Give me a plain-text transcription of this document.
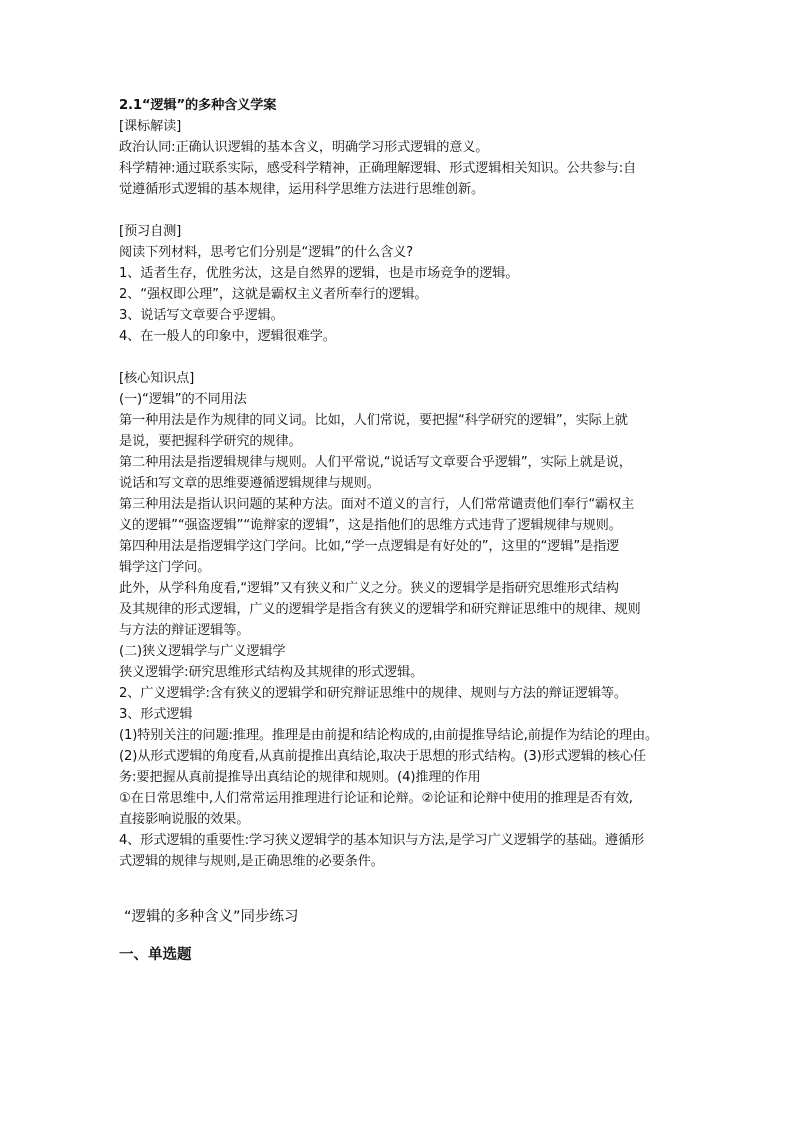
2.1“逻辑”的多种含义学案
[课标解读]
政治认同:正确认识逻辑的基本含义，明确学习形式逻辑的意义。
科学精神:通过联系实际，感受科学精神，正确理解逻辑、形式逻辑相关知识。公共参与:自
觉遵循形式逻辑的基本规律，运用科学思维方法进行思维创新。
[预习自测]
阅读下列材料，思考它们分别是“逻辑”的什么含义?
1、适者生存，优胜劣汰，这是自然界的逻辑，也是市场竞争的逻辑。
2、“强权即公理”，这就是霸权主义者所奉行的逻辑。
3、说话写文章要合乎逻辑。
4、在一般人的印象中，逻辑很难学。
[核心知识点]
(一)“逻辑”的不同用法
第一种用法是作为规律的同义词。比如，人们常说，要把握“科学研究的逻辑”，实际上就
是说，要把握科学研究的规律。
第二种用法是指逻辑规律与规则。人们平常说,“说话写文章要合乎逻辑”，实际上就是说，
说话和写文章的思维要遵循逻辑规律与规则。
第三种用法是指认识问题的某种方法。面对不道义的言行，人们常常谴责他们奉行“霸权主
义的逻辑”“强盗逻辑”“诡辩家的逻辑”，这是指他们的思维方式违背了逻辑规律与规则。
第四种用法是指逻辑学这门学问。比如,“学一点逻辑是有好处的”，这里的“逻辑”是指逻
辑学这门学问。
此外，从学科角度看,“逻辑”又有狭义和广义之分。狭义的逻辑学是指研究思维形式结构
及其规律的形式逻辑，广义的逻辑学是指含有狭义的逻辑学和研究辩证思维中的规律、规则
与方法的辩证逻辑等。
(二)狭义逻辑学与广义逻辑学
狭义逻辑学:研究思维形式结构及其规律的形式逻辑。
2、广义逻辑学:含有狭义的逻辑学和研究辩证思维中的规律、规则与方法的辩证逻辑等。
3、形式逻辑
(1)特别关注的问题:推理。推理是由前提和结论构成的,由前提推导结论,前提作为结论的理由。
(2)从形式逻辑的角度看,从真前提推出真结论,取决于思想的形式结构。(3)形式逻辑的核心任
务:要把握从真前提推导出真结论的规律和规则。(4)推理的作用
①在日常思维中,人们常常运用推理进行论证和论辩。②论证和论辩中使用的推理是否有效,
直接影响说服的效果。
4、形式逻辑的重要性:学习狭义逻辑学的基本知识与方法,是学习广义逻辑学的基础。遵循形
式逻辑的规律与规则,是正确思维的必要条件。
“逻辑的多种含义”同步练习
一、单选题
